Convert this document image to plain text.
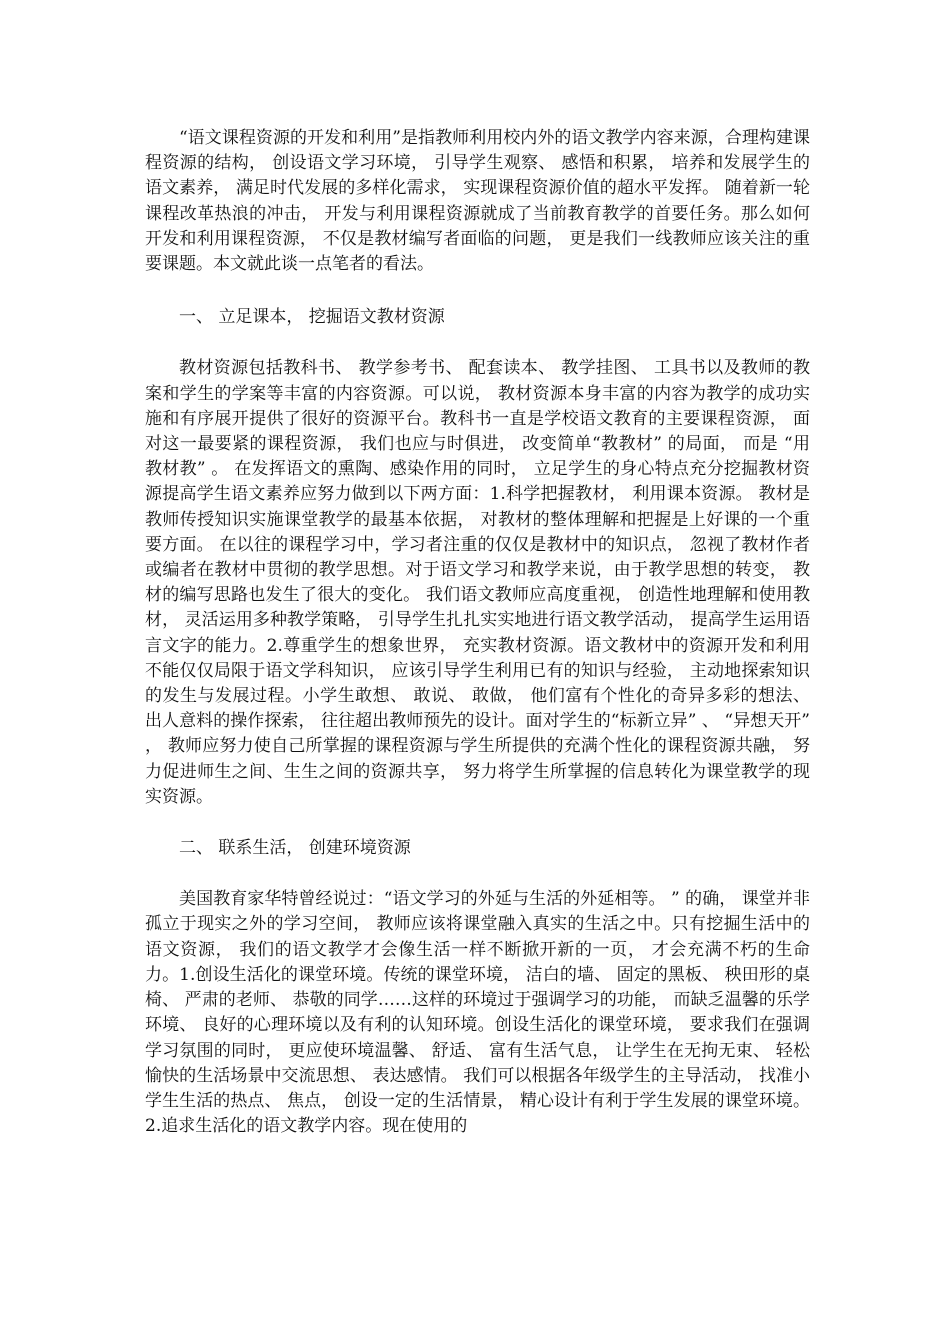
“语文课程资源的开发和利用”是指教师利用校内外的语文教学内容来源，合理构建课程资源的结构， 创设语文学习环境， 引导学生观察、 感悟和积累， 培养和发展学生的语文素养， 满足时代发展的多样化需求， 实现课程资源价值的超水平发挥。 随着新一轮课程改革热浪的冲击， 开发与利用课程资源就成了当前教育教学的首要任务。那么如何开发和利用课程资源， 不仅是教材编写者面临的问题， 更是我们一线教师应该关注的重要课题。本文就此谈一点笔者的看法。

一、 立足课本， 挖掘语文教材资源

教材资源包括教科书、 教学参考书、 配套读本、 教学挂图、 工具书以及教师的教案和学生的学案等丰富的内容资源。可以说， 教材资源本身丰富的内容为教学的成功实施和有序展开提供了很好的资源平台。教科书一直是学校语文教育的主要课程资源， 面对这一最要紧的课程资源， 我们也应与时俱进， 改变简单“教教材” 的局面， 而是 “用教材教” 。 在发挥语文的熏陶、感染作用的同时， 立足学生的身心特点充分挖掘教材资源提高学生语文素养应努力做到以下两方面：1.科学把握教材， 利用课本资源。 教材是教师传授知识实施课堂教学的最基本依据， 对教材的整体理解和把握是上好课的一个重要方面。 在以往的课程学习中，学习者注重的仅仅是教材中的知识点， 忽视了教材作者或编者在教材中贯彻的教学思想。对于语文学习和教学来说，由于教学思想的转变， 教材的编写思路也发生了很大的变化。 我们语文教师应高度重视， 创造性地理解和使用教材， 灵活运用多种教学策略， 引导学生扎扎实实地进行语文教学活动， 提高学生运用语言文字的能力。2.尊重学生的想象世界， 充实教材资源。语文教材中的资源开发和利用不能仅仅局限于语文学科知识， 应该引导学生利用已有的知识与经验， 主动地探索知识的发生与发展过程。小学生敢想、 敢说、 敢做， 他们富有个性化的奇异多彩的想法、 出人意料的操作探索， 往往超出教师预先的设计。面对学生的“标新立异” 、 “异想天开” ， 教师应努力使自己所掌握的课程资源与学生所提供的充满个性化的课程资源共融， 努力促进师生之间、生生之间的资源共享， 努力将学生所掌握的信息转化为课堂教学的现实资源。

二、 联系生活， 创建环境资源

美国教育家华特曾经说过：“语文学习的外延与生活的外延相等。 ” 的确， 课堂并非孤立于现实之外的学习空间， 教师应该将课堂融入真实的生活之中。只有挖掘生活中的语文资源， 我们的语文教学才会像生活一样不断掀开新的一页， 才会充满不朽的生命力。1.创设生活化的课堂环境。传统的课堂环境， 洁白的墙、 固定的黑板、 秧田形的桌椅、 严肃的老师、 恭敬的同学……这样的环境过于强调学习的功能， 而缺乏温馨的乐学环境、 良好的心理环境以及有利的认知环境。创设生活化的课堂环境， 要求我们在强调学习氛围的同时， 更应使环境温馨、 舒适、 富有生活气息， 让学生在无拘无束、 轻松愉快的生活场景中交流思想、 表达感情。 我们可以根据各年级学生的主导活动， 找准小学生生活的热点、 焦点， 创设一定的生活情景， 精心设计有利于学生发展的课堂环境。2.追求生活化的语文教学内容。现在使用的
